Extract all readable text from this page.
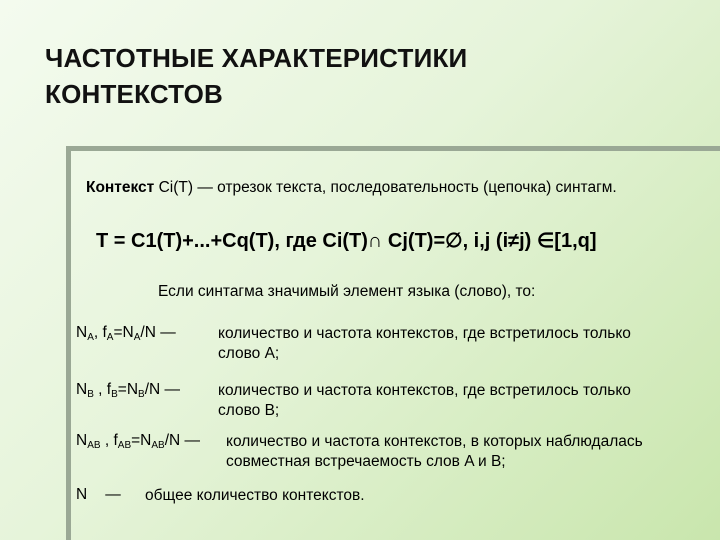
ЧАСТОТНЫЕ ХАРАКТЕРИСТИКИ
КОНТЕКСТОВ
Контекст Ci(T) — отрезок текста, последовательность (цепочка) синтагм.
T = C1(T)+...+Cq(T), где Ci(T)∩ Cj(T)=∅, i,j (i≠j) ∈[1,q]
Если синтагма значимый элемент языка (слово), то:
$N_A$, $f_A=N_A/N$ —	количество и частота контекстов, где встретилось только
слово A;
$N_B$ , $f_B=N_B/N$ — количество и частота контекстов, где встретилось только
слово B;
$N_{AB}$ , $f_{AB}=N_{AB}/N$ — количество и частота контекстов, в которых наблюдалась
совместная встречаемость слов A и B;
N — общее количество контекстов.
